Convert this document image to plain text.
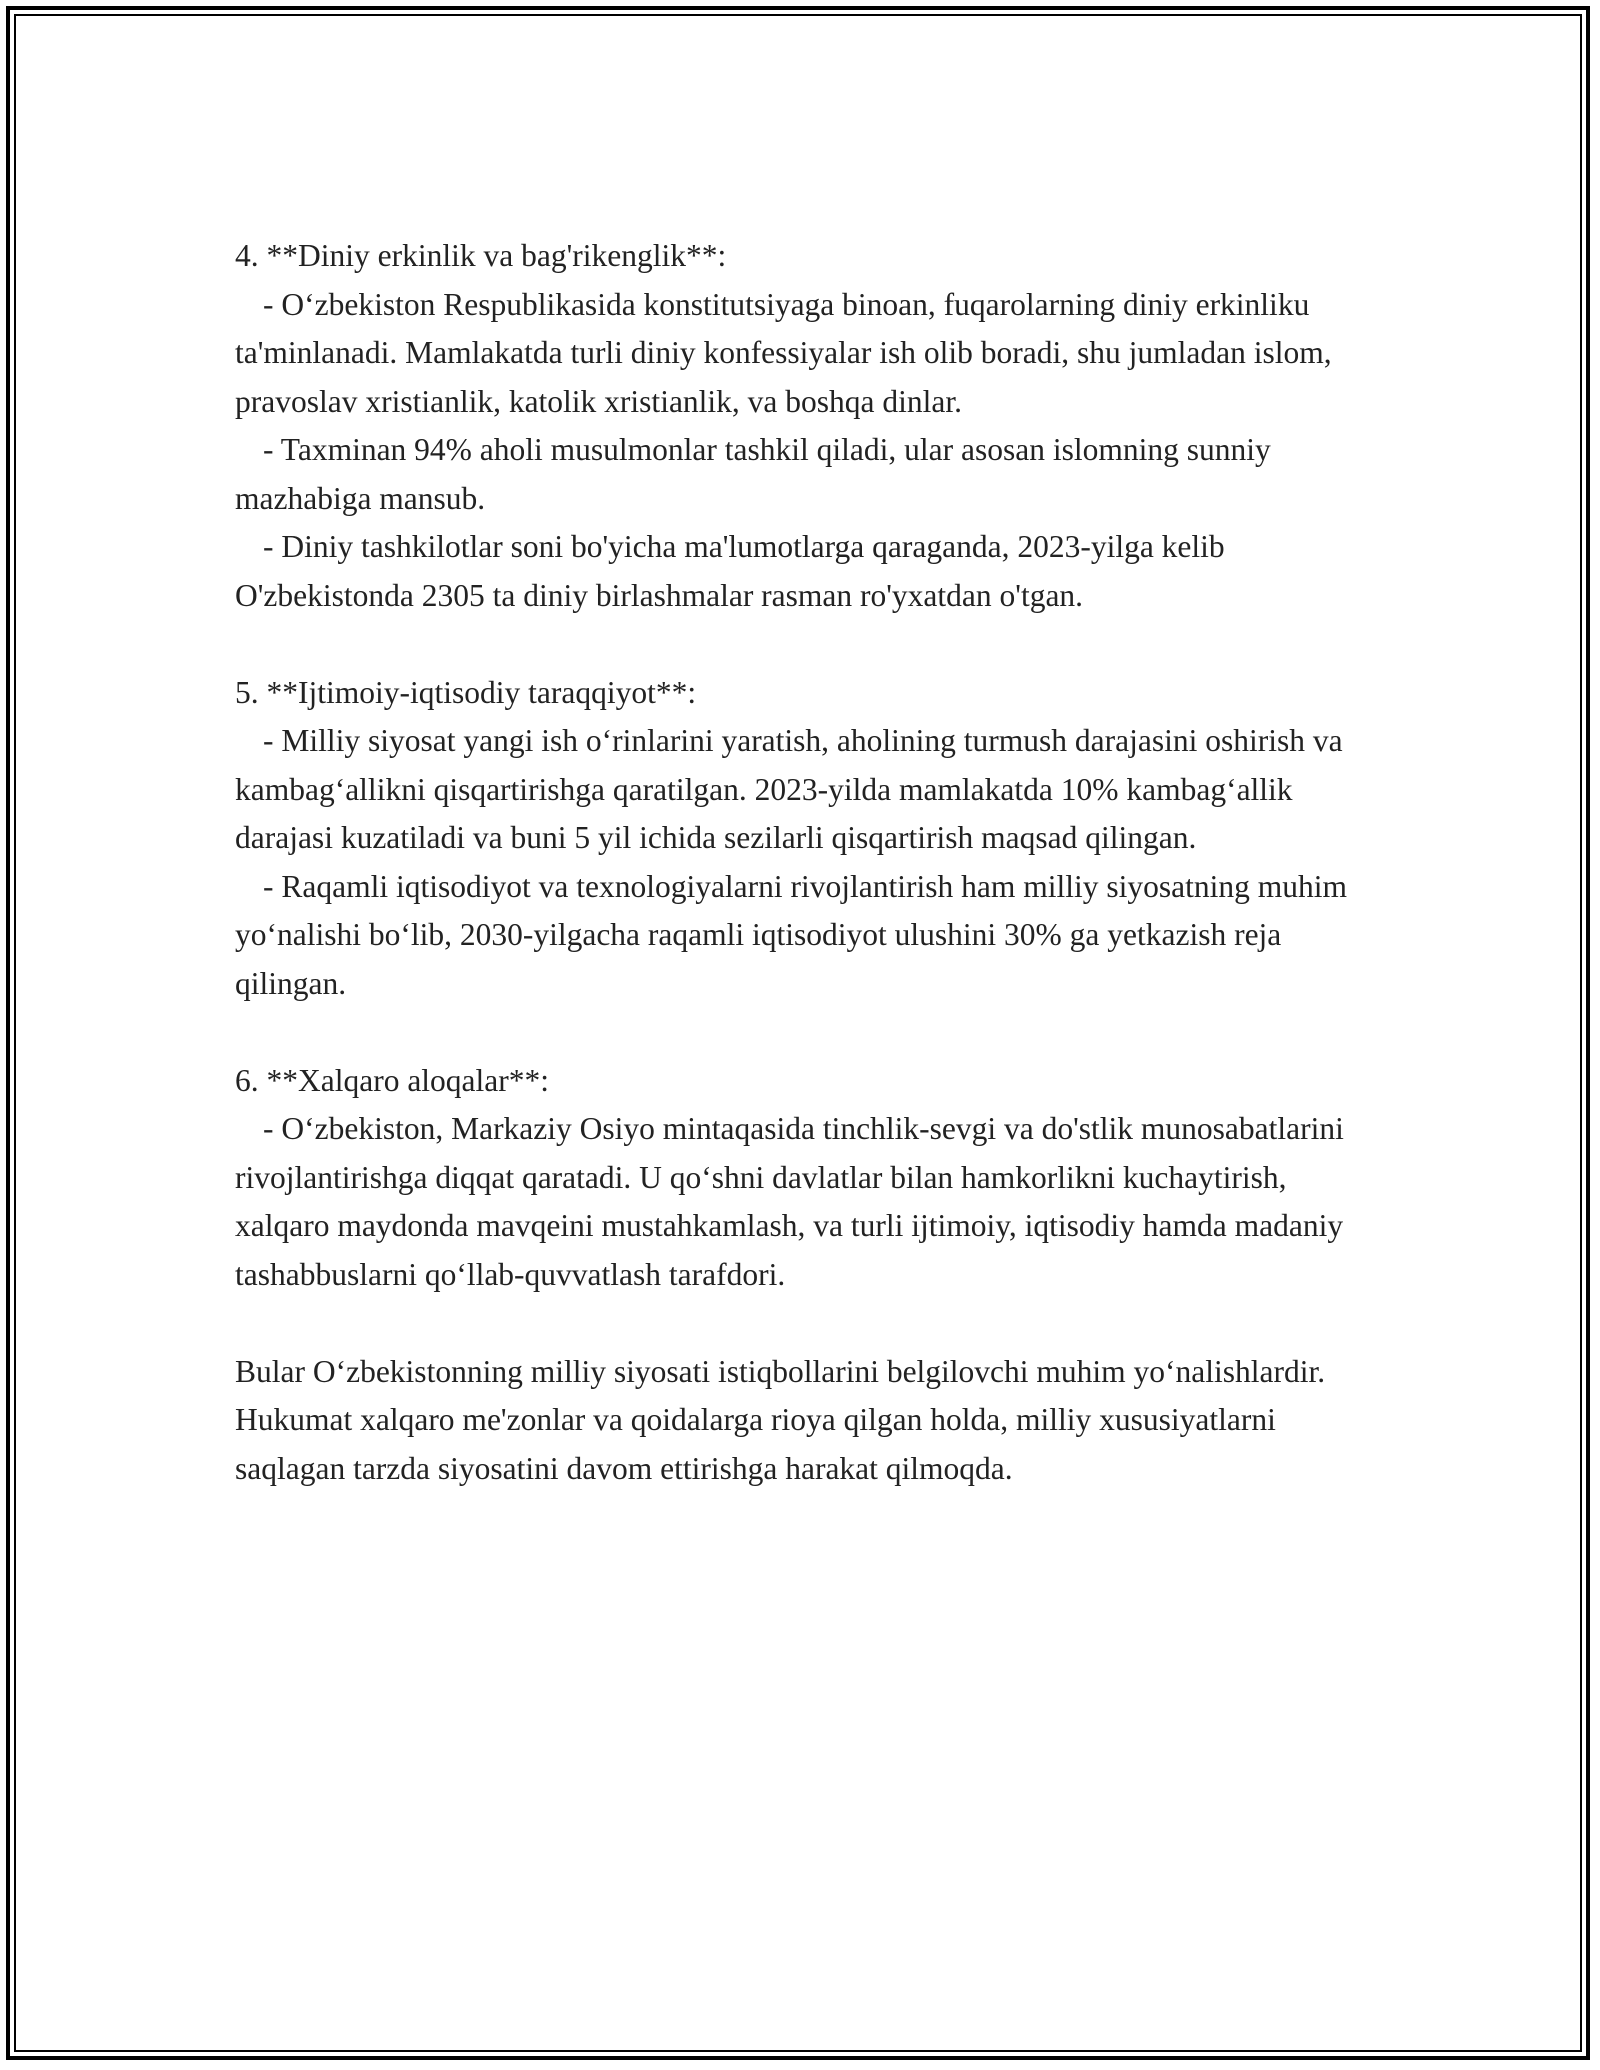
4. **Diniy erkinlik va bag'rikenglik**:

- O‘zbekiston Respublikasida konstitutsiyaga binoan, fuqarolarning diniy erkinliku ta'minlanadi. Mamlakatda turli diniy konfessiyalar ish olib boradi, shu jumladan islom, pravoslav xristianlik, katolik xristianlik, va boshqa dinlar.

- Taxminan 94% aholi musulmonlar tashkil qiladi, ular asosan islomning sunniy mazhabiga mansub.

- Diniy tashkilotlar soni bo'yicha ma'lumotlarga qaraganda, 2023-yilga kelib O'zbekistonda 2305 ta diniy birlashmalar rasman ro'yxatdan o'tgan.

5. **Ijtimoiy-iqtisodiy taraqqiyot**:

- Milliy siyosat yangi ish o‘rinlarini yaratish, aholining turmush darajasini oshirish va kambag‘allikni qisqartirishga qaratilgan. 2023-yilda mamlakatda 10% kambag‘allik darajasi kuzatiladi va buni 5 yil ichida sezilarli qisqartirish maqsad qilingan.

- Raqamli iqtisodiyot va texnologiyalarni rivojlantirish ham milliy siyosatning muhim yo‘nalishi bo‘lib, 2030-yilgacha raqamli iqtisodiyot ulushini 30% ga yetkazish reja qilingan.

6. **Xalqaro aloqalar**:

- O‘zbekiston, Markaziy Osiyo mintaqasida tinchlik-sevgi va do'stlik munosabatlarini rivojlantirishga diqqat qaratadi. U qo‘shni davlatlar bilan hamkorlikni kuchaytirish, xalqaro maydonda mavqeini mustahkamlash, va turli ijtimoiy, iqtisodiy hamda madaniy tashabbuslarni qo‘llab-quvvatlash tarafdori.

Bular O‘zbekistonning milliy siyosati istiqbollarini belgilovchi muhim yo‘nalishlardir. Hukumat xalqaro me'zonlar va qoidalarga rioya qilgan holda, milliy xususiyatlarni saqlagan tarzda siyosatini davom ettirishga harakat qilmoqda.
